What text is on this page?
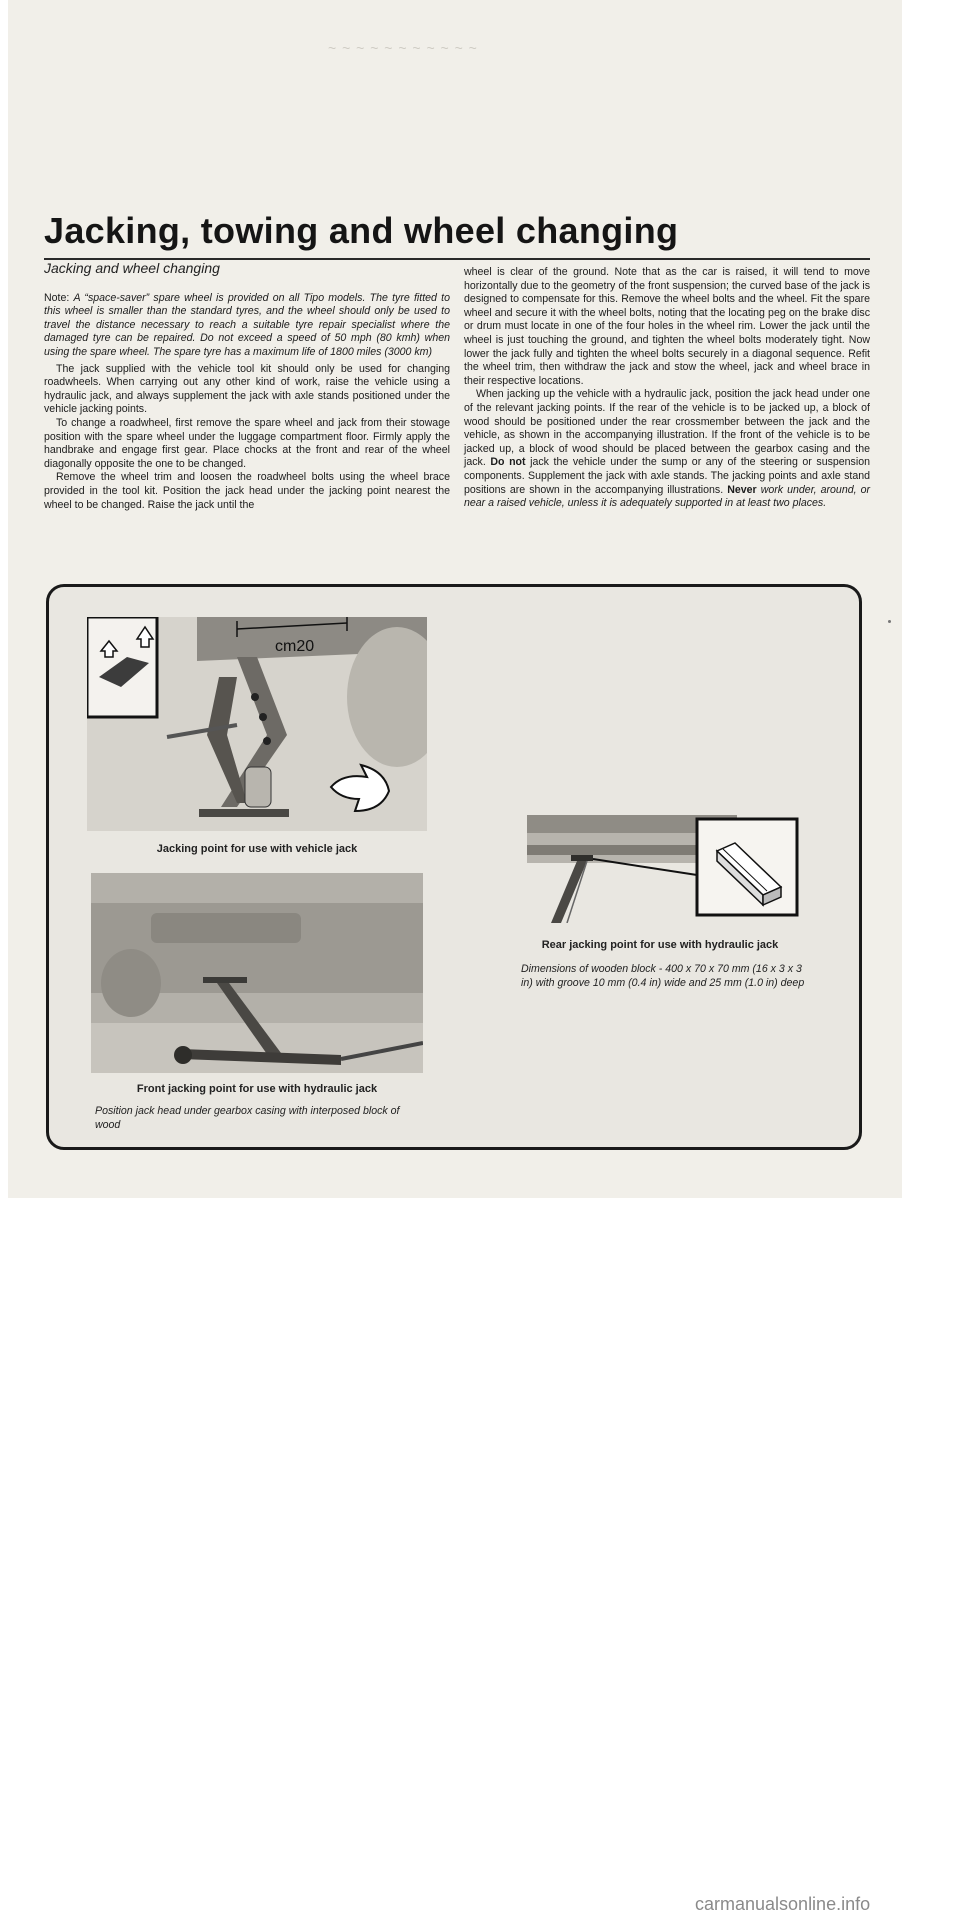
~ ~ ~ ~ ~ ~ ~ ~ ~ ~ ~
Jacking, towing and wheel changing
Jacking and wheel changing

Note: A “space-saver” spare wheel is provided on all Tipo models. The tyre fitted to this wheel is smaller than the standard tyres, and the wheel should only be used to travel the distance necessary to reach a suitable tyre repair specialist where the damaged tyre can be repaired. Do not exceed a speed of 50 mph (80 kmh) when using the spare wheel. The spare tyre has a maximum life of 1800 miles (3000 km)

The jack supplied with the vehicle tool kit should only be used for changing roadwheels. When carrying out any other kind of work, raise the vehicle using a hydraulic jack, and always supplement the jack with axle stands positioned under the vehicle jacking points.

To change a roadwheel, first remove the spare wheel and jack from their stowage position with the spare wheel under the luggage compartment floor. Firmly apply the handbrake and engage first gear. Place chocks at the front and rear of the wheel diagonally opposite the one to be changed.

Remove the wheel trim and loosen the roadwheel bolts using the wheel brace provided in the tool kit. Position the jack head under the jacking point nearest the wheel to be changed. Raise the jack until the

wheel is clear of the ground. Note that as the car is raised, it will tend to move horizontally due to the geometry of the front suspension; the curved base of the jack is designed to compensate for this. Remove the wheel bolts and the wheel. Fit the spare wheel and secure it with the wheel bolts, noting that the locating peg on the brake disc or drum must locate in one of the four holes in the wheel rim. Lower the jack until the wheel is just touching the ground, and tighten the wheel bolts moderately tight. Now lower the jack fully and tighten the wheel bolts securely in a diagonal sequence. Refit the wheel trim, then withdraw the jack and stow the wheel, jack and wheel brace in their respective locations.

When jacking up the vehicle with a hydraulic jack, position the jack head under one of the relevant jacking points. If the rear of the vehicle is to be jacked up, a block of wood should be positioned under the rear crossmember between the jack and the vehicle, as shown in the accompanying illustration. If the front of the vehicle is to be jacked up, a block of wood should be placed between the gearbox casing and the jack. Do not jack the vehicle under the sump or any of the steering or suspension components. Supplement the jack with axle stands. The jacking points and axle stand positions are shown in the accompanying illustrations. Never work under, around, or near a raised vehicle, unless it is adequately supported in at least two places.

cm20
Jacking point for use with vehicle jack
Front jacking point for use with hydraulic jack
Position jack head under gearbox casing with interposed block of wood
Rear jacking point for use with hydraulic jack
Dimensions of wooden block - 400 x 70 x 70 mm (16 x 3 x 3 in) with groove 10 mm (0.4 in) wide and 25 mm (1.0 in) deep
carmanualsonline.info
